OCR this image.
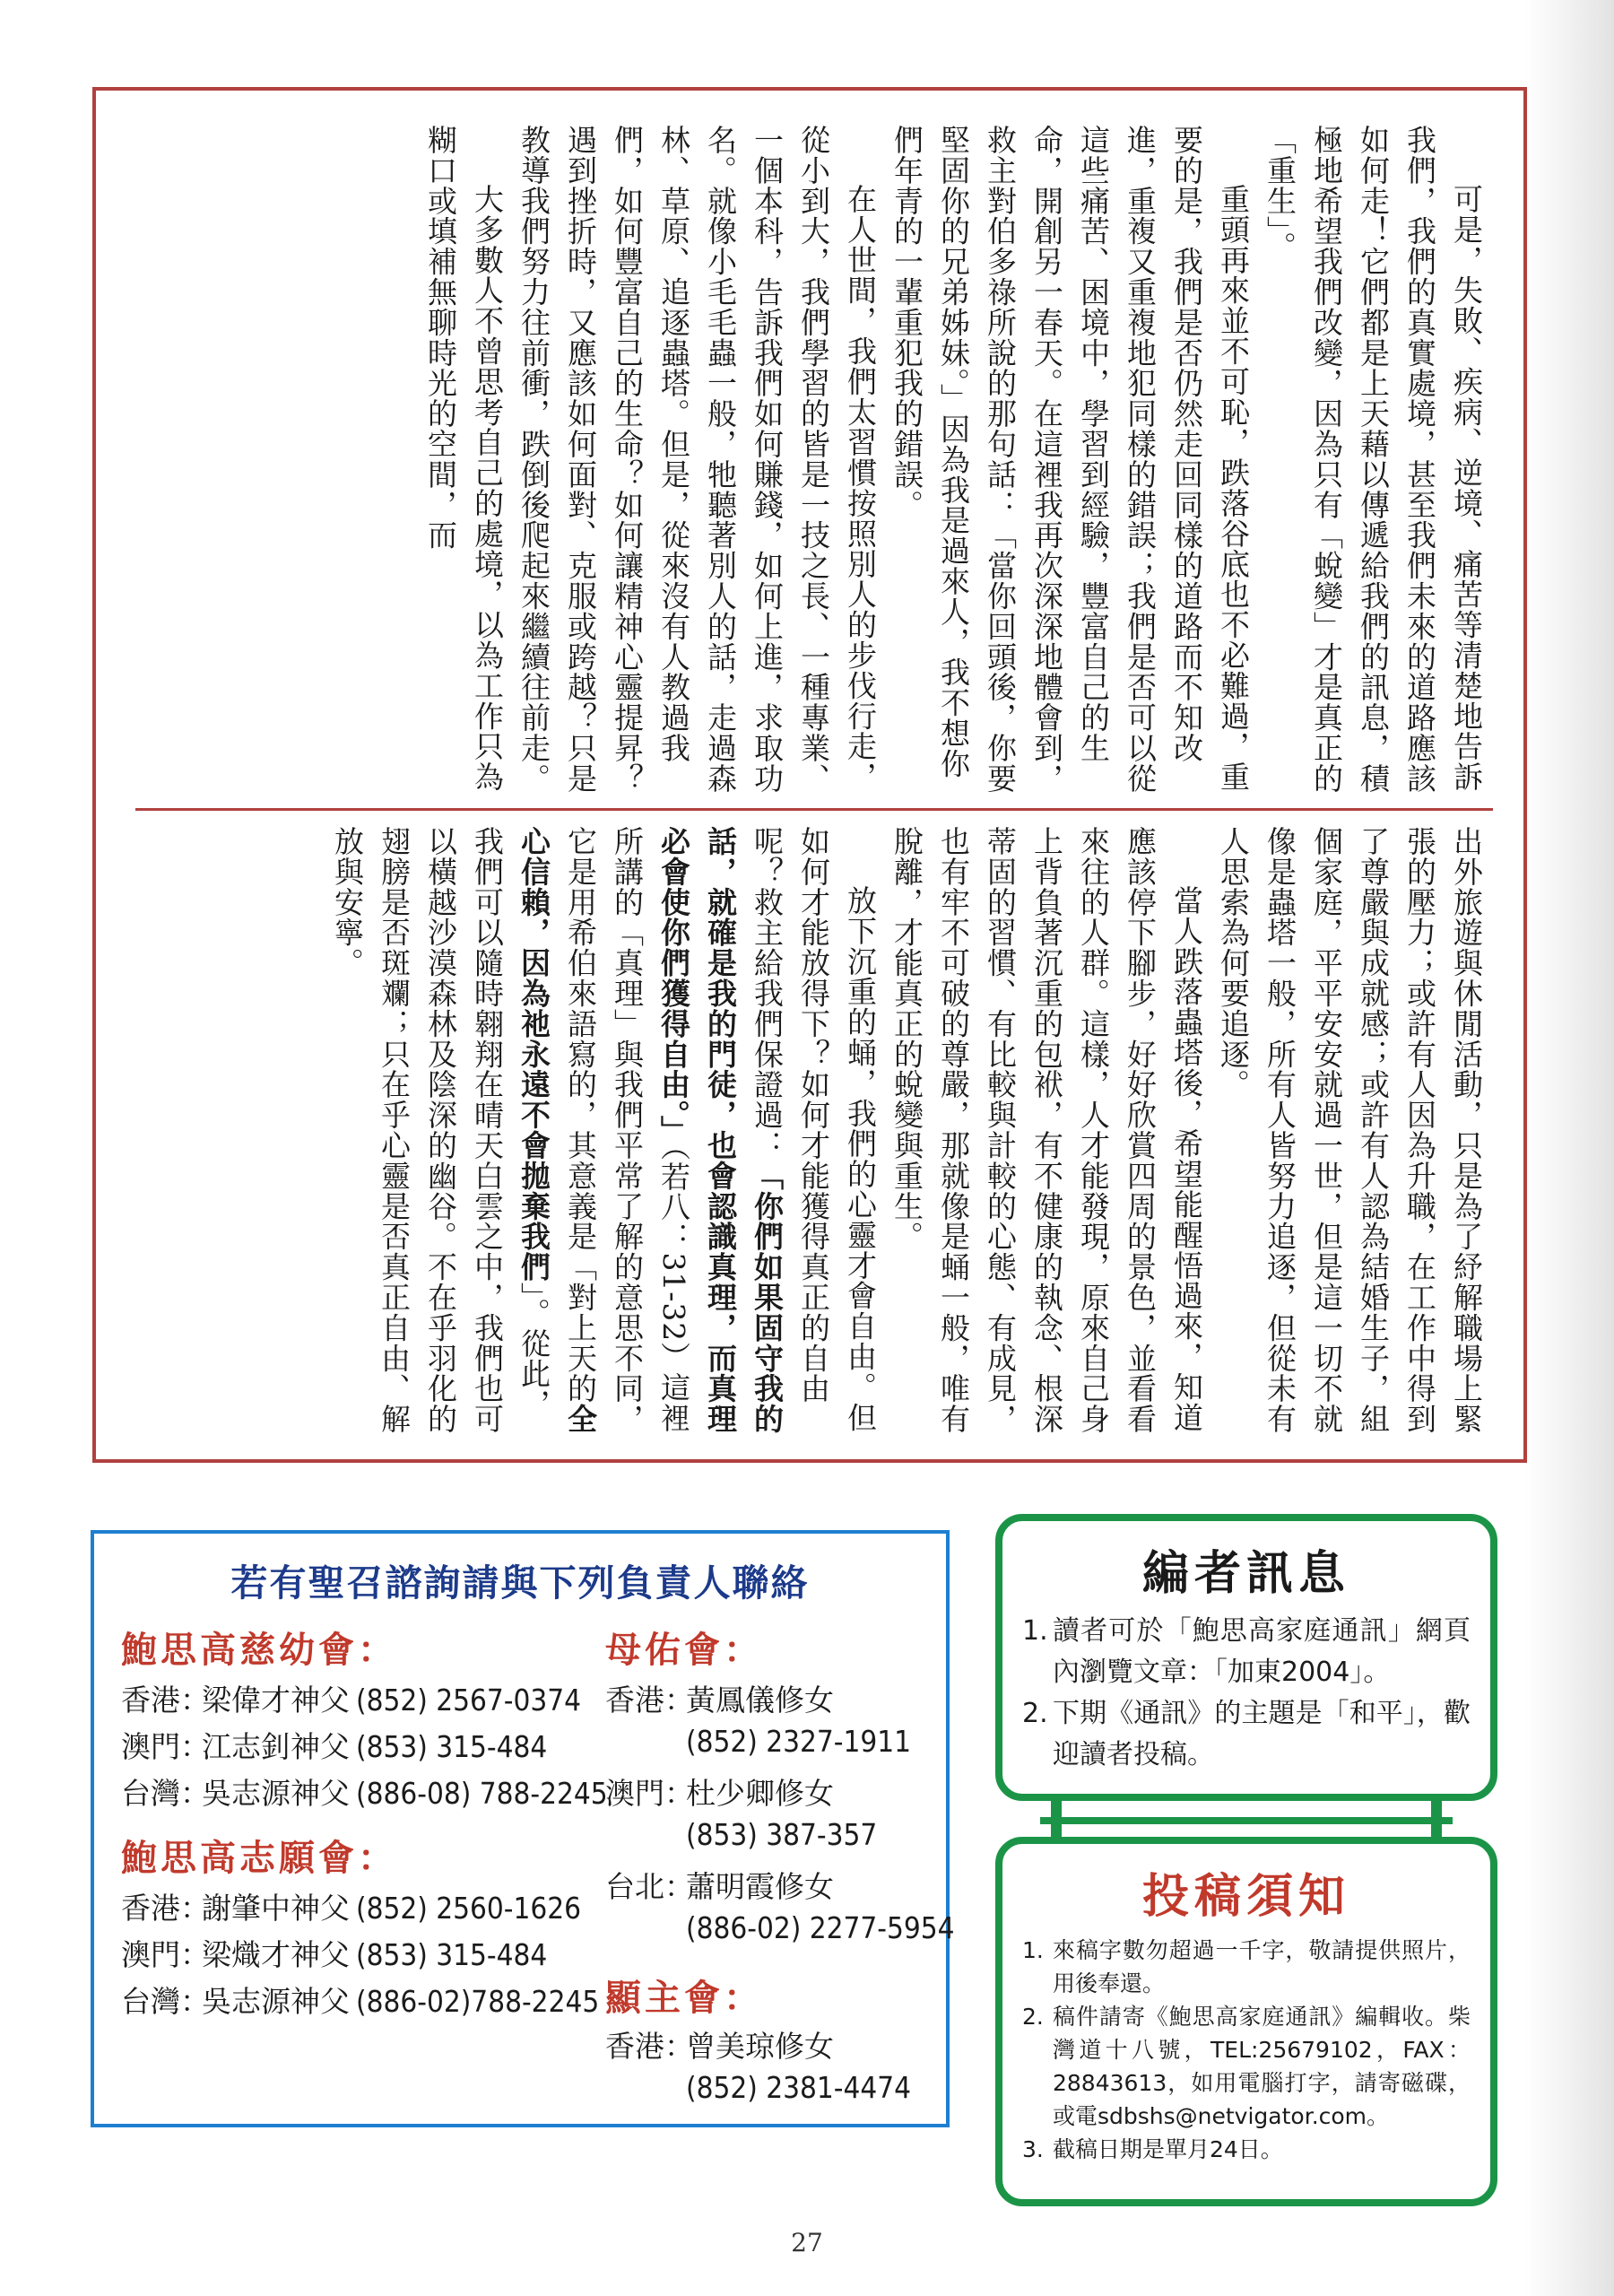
可是，失敗、疾病、逆境、痛苦等清楚地告訴我們，我們的真實處境，甚至我們未來的道路應該如何走！它們都是上天藉以傳遞給我們的訊息，積極地希望我們改變，因為只有「蛻變」才是真正的「重生」。

重頭再來並不可恥，跌落谷底也不必難過，重要的是，我們是否仍然走回同樣的道路而不知改進，重複又重複地犯同樣的錯誤；我們是否可以從這些痛苦、困境中，學習到經驗，豐富自己的生命，開創另一春天。在這裡我再次深深地體會到，救主對伯多祿所說的那句話：「當你回頭後，你要堅固你的兄弟姊妹。」因為我是過來人，我不想你們年青的一輩重犯我的錯誤。

在人世間，我們太習慣按照別人的步伐行走，從小到大，我們學習的皆是一技之長、一種專業、一個本科，告訴我們如何賺錢，如何上進，求取功名。就像小毛毛蟲一般，牠聽著別人的話，走過森林、草原、追逐蟲塔。但是，從來沒有人教過我們，如何豐富自己的生命？如何讓精神心靈提昇？遇到挫折時，又應該如何面對、克服或跨越？只是教導我們努力往前衝，跌倒後爬起來繼續往前走。

大多數人不曾思考自己的處境，以為工作只為糊口或填補無聊時光的空間，而

出外旅遊與休閒活動，只是為了紓解職場上緊張的壓力；或許有人因為升職，在工作中得到了尊嚴與成就感；或許有人認為結婚生子，組個家庭，平平安安就過一世，但是這一切不就像是蟲塔一般，所有人皆努力追逐，但從未有人思索為何要追逐。

當人跌落蟲塔後，希望能醒悟過來，知道應該停下腳步，好好欣賞四周的景色，並看看來往的人群。這樣，人才能發現，原來自己身上背負著沉重的包袱，有不健康的執念、根深蒂固的習慣、有比較與計較的心態、有成見，也有牢不可破的尊嚴，那就像是蛹一般，唯有脫離，才能真正的蛻變與重生。

放下沉重的蛹，我們的心靈才會自由。但如何才能放得下？如何才能獲得真正的自由呢？救主給我們保證過：「你們如果固守我的話，就確是我的門徒，也會認識真理，而真理必會使你們獲得自由。」（若八：31-32）這裡所講的「真理」與我們平常了解的意思不同，它是用希伯來語寫的，其意義是「對上天的全心信賴，因為祂永遠不會拋棄我們」。從此，我們可以隨時翱翔在晴天白雲之中，我們也可以橫越沙漠森林及陰深的幽谷。不在乎羽化的翅膀是否斑斕；只在乎心靈是否真正自由、解放與安寧。

若有聖召諮詢請與下列負責人聯絡
鮑思高慈幼會：
香港：梁偉才神父 (852) 2567-0374
澳門：江志釗神父 (853) 315-484
台灣：吳志源神父 (886-08) 788-2245
鮑思高志願會：
香港：謝肇中神父 (852) 2560-1626
澳門：梁熾才神父 (853) 315-484
台灣：吳志源神父 (886-02)788-2245
母佑會：
香港：黃鳳儀修女
(852) 2327-1911
澳門：杜少卿修女
(853) 387-357
台北：蕭明霞修女
(886-02) 2277-5954
顯主會：
香港：曾美琼修女
(852) 2381-4474
編者訊息
1. 讀者可於「鮑思高家庭通訊」網頁內瀏覽文章：「加東2004」。
2. 下期《通訊》的主題是「和平」，歡迎讀者投稿。
投稿須知
1. 來稿字數勿超過一千字，敬請提供照片，用後奉還。
2. 稿件請寄《鮑思高家庭通訊》編輯收。柴灣道十八號，TEL:25679102，FAX：28843613，如用電腦打字，請寄磁碟，或電sdbshs@netvigator.com。
3. 截稿日期是單月24日。
27
